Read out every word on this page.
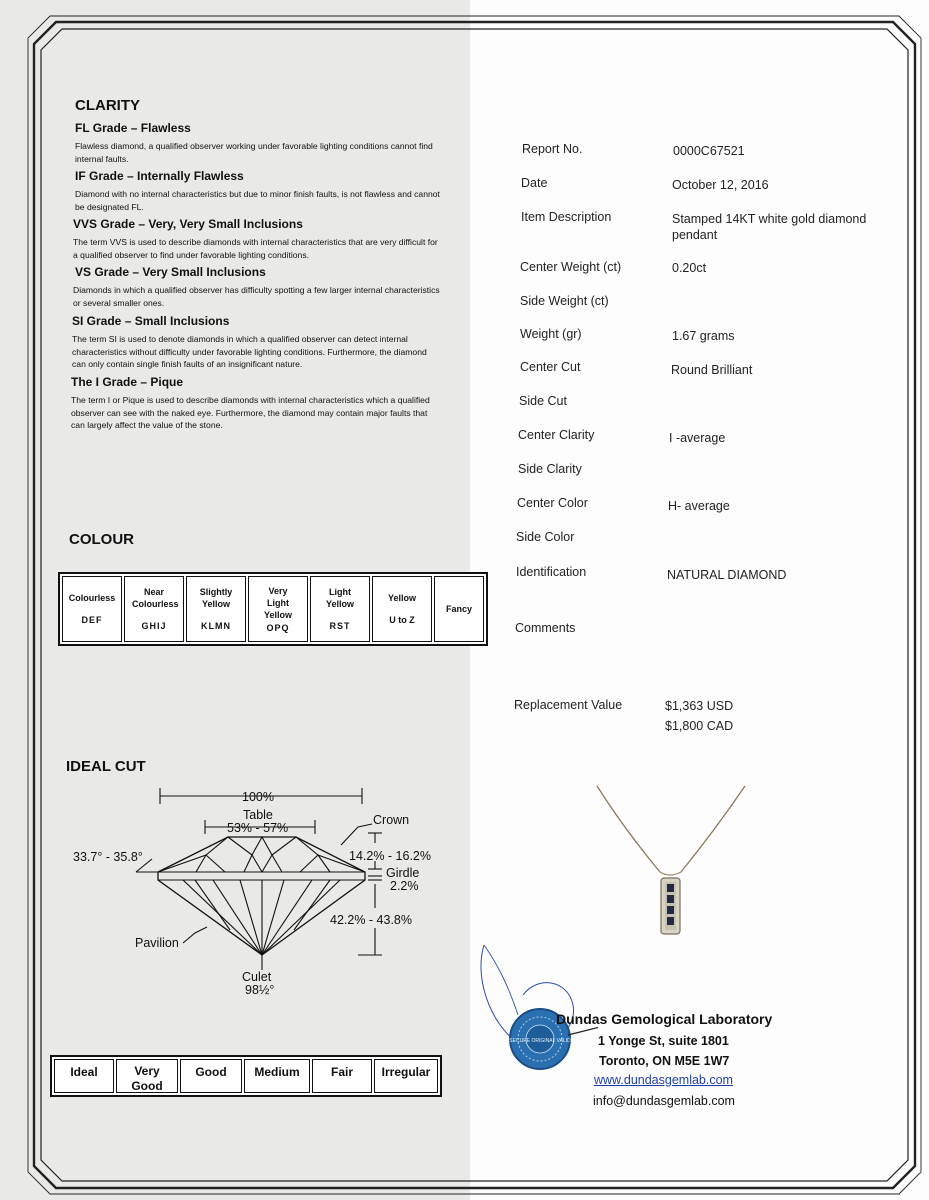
CLARITY
FL Grade – Flawless
Flawless diamond, a qualified observer working under favorable lighting conditions cannot find internal faults.
IF Grade – Internally Flawless
Diamond with no internal characteristics but due to minor finish faults, is not flawless and cannot be designated FL.
VVS Grade – Very, Very Small Inclusions
The term VVS is used to describe diamonds with internal characteristics that are very difficult for a qualified observer to find under favorable lighting conditions.
VS Grade – Very Small Inclusions
Diamonds in which a qualified observer has difficulty spotting a few larger internal characteristics or several smaller ones.
SI Grade – Small Inclusions
The term SI is used to denote diamonds in which a qualified observer can detect internal characteristics without difficulty under favorable lighting conditions. Furthermore, the diamond can only contain single finish faults of an insignificant nature.
The I Grade – Pique
The term I or Pique is used to describe diamonds with internal characteristics which a qualified observer can see with the naked eye. Furthermore, the diamond may contain major faults that can largely affect the value of the stone.
COLOUR
Colourless
DEF

Near Colourless
GHIJ

Slightly Yellow
KLMN

Very Light Yellow
OPQ

Light Yellow
RST

Yellow
U to Z

Fancy
IDEAL CUT
100%
Table
53% - 57%
Crown
33.7° - 35.8°	14.2% - 16.2%
Girdle
2.2%
42.2% - 43.8%
Pavilion
Culet
98½°
Ideal	Very Good
Good	Medium	Fair	Irregular
Report No.	0000C67521
Date	October 12, 2016
Item Description	Stamped 14KT white gold diamond pendant
Center Weight (ct)	0.20ct
Side Weight (ct)
Weight (gr)	1.67 grams
Center Cut	Round Brilliant
Side Cut
Center Clarity	I -average
Side Clarity
Center Color	H- average
Side Color
Identification	NATURAL DIAMOND
Comments
Replacement Value	$1,363 USD
$1,800 CAD
SECURE ORIGINAL VALID
Dundas Gemological Laboratory
1 Yonge St, suite 1801
Toronto, ON M5E 1W7
www.dundasgemlab.com
info@dundasgemlab.com
